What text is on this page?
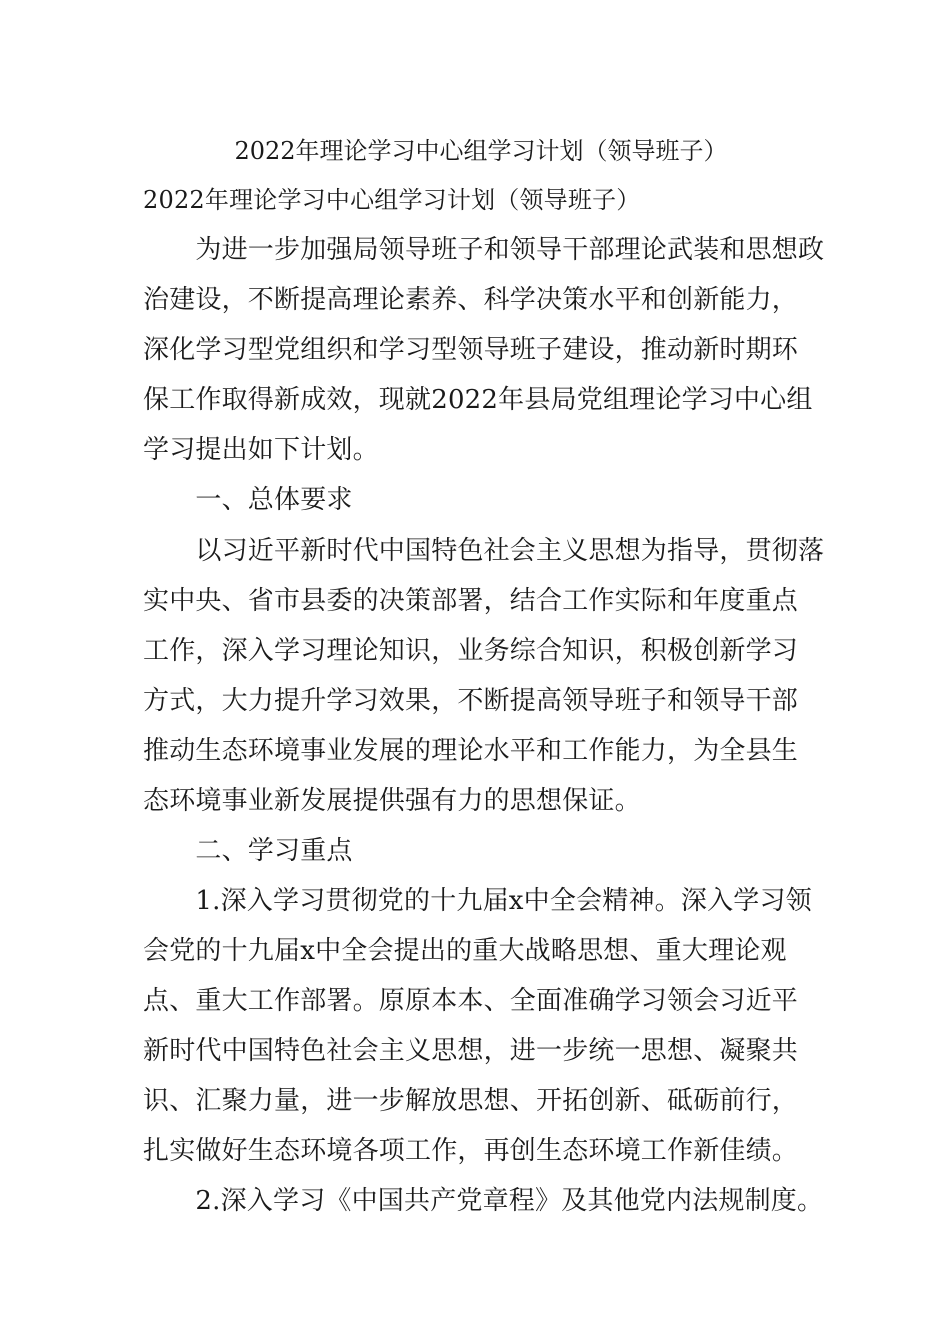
2022年理论学习中心组学习计划（领导班子）
2022年理论学习中心组学习计划（领导班子）
　　为进一步加强局领导班子和领导干部理论武装和思想政
治建设，不断提高理论素养、科学决策水平和创新能力，
深化学习型党组织和学习型领导班子建设，推动新时期环
保工作取得新成效，现就2022年县局党组理论学习中心组
学习提出如下计划。
　　一、总体要求
　　以习近平新时代中国特色社会主义思想为指导，贯彻落
实中央、省市县委的决策部署，结合工作实际和年度重点
工作，深入学习理论知识，业务综合知识，积极创新学习
方式，大力提升学习效果，不断提高领导班子和领导干部
推动生态环境事业发展的理论水平和工作能力，为全县生
态环境事业新发展提供强有力的思想保证。
　　二、学习重点
　　1.深入学习贯彻党的十九届x中全会精神。深入学习领
会党的十九届x中全会提出的重大战略思想、重大理论观
点、重大工作部署。原原本本、全面准确学习领会习近平
新时代中国特色社会主义思想，进一步统一思想、凝聚共
识、汇聚力量，进一步解放思想、开拓创新、砥砺前行，
扎实做好生态环境各项工作，再创生态环境工作新佳绩。
　　2.深入学习《中国共产党章程》及其他党内法规制度。
